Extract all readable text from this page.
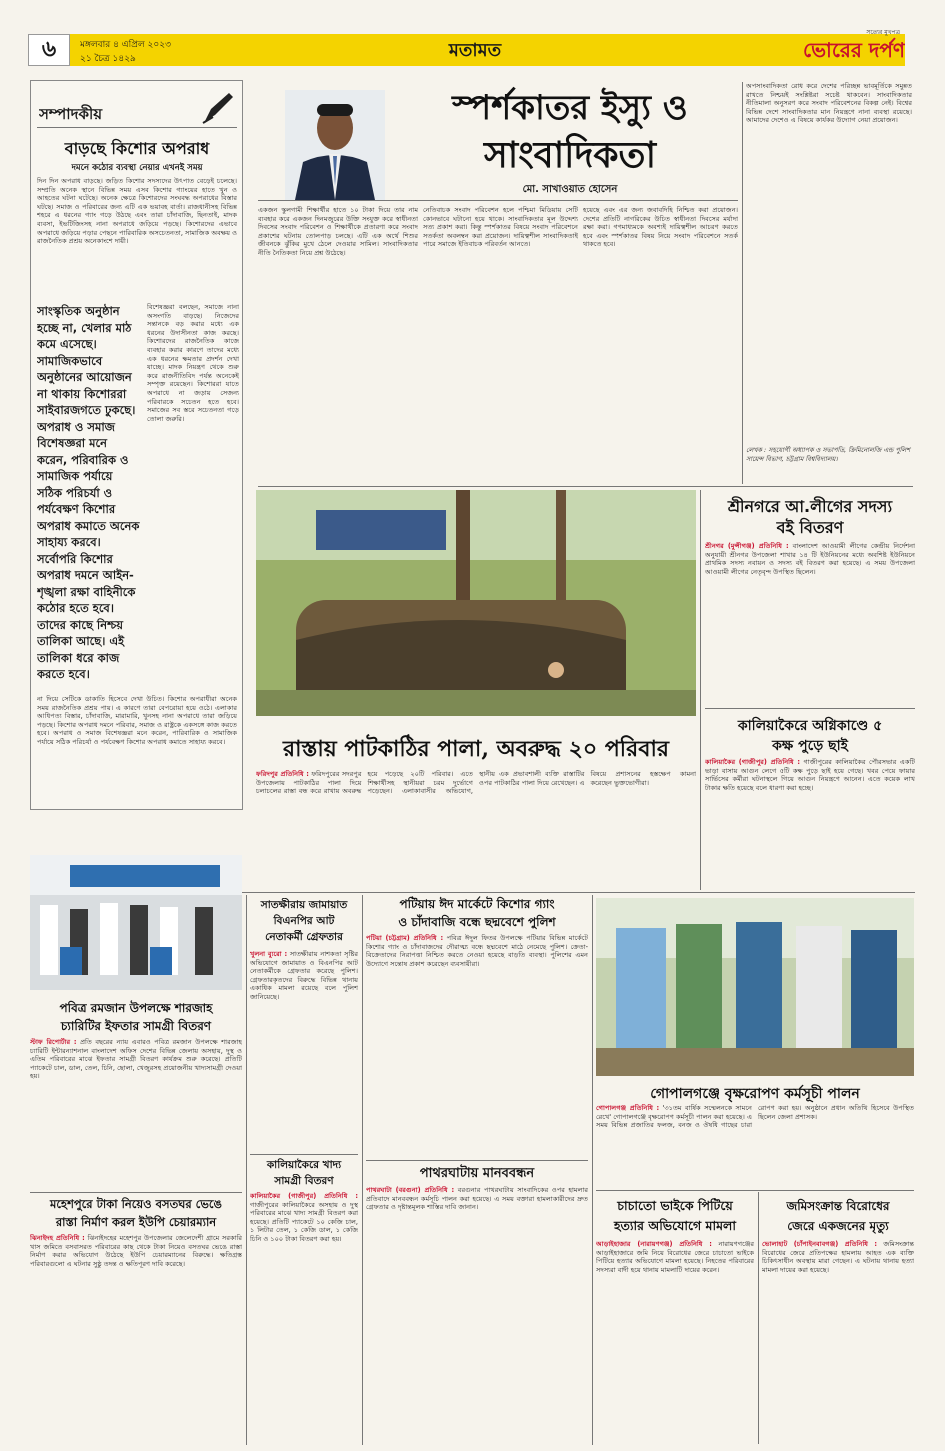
৬	মঙ্গলবার ৪ এপ্রিল ২০২৩
২১ চৈত্র ১৪২৯	মতামত
সত্যের মুখপত্র
ভোরের দর্পণ
সম্পাদকীয়
বাড়ছে কিশোর অপরাধ
দমনে কঠোর ব্যবস্থা নেয়ার এখনই সময়
দিন দিন অপরাধ বাড়ছে। জড়িত কিশোর সদস্যদের উৎপাত বেড়েই চলেছে। সম্প্রতি অনেক স্থানে বিভিন্ন সময় এসব কিশোর গ্যাংয়ের হাতে খুন ও আহতের ঘটনা ঘটেছে। অনেক ক্ষেত্রে কিশোরদের সংঘবদ্ধ অপরাধের বিস্তার ঘটছে। সমাজ ও পরিবারের জন্য এটি এক ভয়াবহ বার্তা। রাজধানীসহ বিভিন্ন শহরে এ ধরনের গ্যাং গড়ে উঠছে এবং তারা চাঁদাবাজি, ছিনতাই, মাদক ব্যবসা, ইভটিজিংসহ নানা অপরাধে জড়িয়ে পড়ছে। কিশোরদের এভাবে অপরাধে জড়িয়ে পড়ার পেছনে পারিবারিক অসচেতনতা, সামাজিক অবক্ষয় ও রাজনৈতিক প্রশ্রয় অনেকাংশে দায়ী।
সাংস্কৃতিক অনুষ্ঠান হচ্ছে না, খেলার মাঠ কমে এসেছে। সামাজিকভাবে অনুষ্ঠানের আয়োজন না থাকায় কিশোররা সাইবারজগতে ঢুকছে। অপরাধ ও সমাজ বিশেষজ্ঞরা মনে করেন, পরিবারিক ও সামাজিক পর্যায়ে সঠিক পরিচর্যা ও পর্যবেক্ষণ কিশোর অপরাধ কমাতে অনেক সাহায্য করবে। সর্বোপরি কিশোর অপরাধ দমনে আইন-শৃঙ্খলা রক্ষা বাহিনীকে কঠোর হতে হবে। তাদের কাছে নিশ্চয় তালিকা আছে। এই তালিকা ধরে কাজ করতে হবে।
বিশেষজ্ঞরা বলছেন, সমাজে নানা অসংগতি বাড়ছে। নিজেদের সন্তানকে বড় করার মধ্যে এক ধরনের উদাসীনতা কাজ করছে। কিশোরদের রাজনৈতিক কাজে ব্যবহার করার কারণে তাদের মধ্যে এক ধরনের ক্ষমতার প্রদর্শন দেখা যাচ্ছে। মাদক নিয়ন্ত্রণ থেকে শুরু করে রাজনীতিবিদ পর্যন্ত অনেকেই সম্পৃক্ত রয়েছেন। কিশোররা যাতে অপরাধে না জড়ায় সেজন্য পরিবারকে সচেতন হতে হবে। সমাজের সব স্তরে সচেতনতা গড়ে তোলা জরুরি।
না দিয়ে সেটিকে ডাকাতি হিসেবে দেখা উচিত। কিশোর অপরাধীরা অনেক সময় রাজনৈতিক প্রশ্রয় পায়। এ কারণে তারা বেপরোয়া হয়ে ওঠে। এলাকার আধিপত্য বিস্তার, চাঁদাবাজি, মারামারি, খুনসহ নানা অপরাধে তারা জড়িয়ে পড়ছে। কিশোর অপরাধ দমনে পরিবার, সমাজ ও রাষ্ট্রকে একসঙ্গে কাজ করতে হবে। অপরাধ ও সমাজ বিশেষজ্ঞরা মনে করেন, পারিবারিক ও সামাজিক পর্যায়ে সঠিক পরিচর্যা ও পর্যবেক্ষণ কিশোর অপরাধ কমাতে সাহায্য করবে।
স্পর্শকাতর ইস্যু ও
সাংবাদিকতা
মো. সাখাওয়াত হোসেন
একজন স্কুলগামী শিক্ষার্থীর হাতে ১০ টাকা দিয়ে তার নাম ব্যবহার করে একজন দিনমজুরের উক্তি সংযুক্ত করে স্বাধীনতা দিবসের সংবাদ পরিবেশন ও শিক্ষার্থীকে প্রতারণা করে সংবাদ প্রকাশের ঘটনায় তোলপাড় চলছে। এটি এক অর্থে শিশুর জীবনকে ঝুঁকির মুখে ঠেলে দেওয়ার সামিল। সাংবাদিকতার নীতি নৈতিকতা নিয়ে প্রশ্ন উঠেছে।
নেতিবাচক সংবাদ পরিবেশন হলে পশ্চিমা মিডিয়ায় সেটি কোনভাবে ঘটানো হয়ে থাকে। সাংবাদিকতার মূল উদ্দেশ্য সত্য প্রকাশ করা। কিন্তু স্পর্শকাতর বিষয়ে সংবাদ পরিবেশনে সতর্কতা অবলম্বন করা প্রয়োজন। দায়িত্বশীল সাংবাদিকতাই পারে সমাজে ইতিবাচক পরিবর্তন আনতে।
হয়েছে এবং এর জন্য জবাবদিহি নিশ্চিত করা প্রয়োজন। দেশের প্রতিটি নাগরিকের উচিত স্বাধীনতা দিবসের মর্যাদা রক্ষা করা। গণমাধ্যমকে অবশ্যই দায়িত্বশীল আচরণ করতে হবে এবং স্পর্শকাতর বিষয় নিয়ে সংবাদ পরিবেশনে সতর্ক থাকতে হবে।
অপসাংবাদিকতা রোধ করে দেশের পরিচ্ছন্ন ভাবমূর্তিকে সমুন্নত রাখতে নিশ্চয়ই সংশ্লিষ্টরা সচেষ্ট থাকবেন। সাংবাদিকতার নীতিমালা অনুসরণ করে সংবাদ পরিবেশনের বিকল্প নেই। বিশ্বের বিভিন্ন দেশে সাংবাদিকতার মান নিয়ন্ত্রণে নানা ব্যবস্থা রয়েছে। আমাদের দেশেও এ বিষয়ে কার্যকর উদ্যোগ নেয়া প্রয়োজন।
লেখক : সহযোগী অধ্যাপক ও সভাপতি, ক্রিমিনোলজি এন্ড পুলিশ সায়েন্স বিভাগ, চট্টগ্রাম বিশ্ববিদ্যালয়।
রাস্তায় পাটকাঠির পালা, অবরুদ্ধ ২০ পরিবার
ফরিদপুর প্রতিনিধি : ফরিদপুরের সদরপুর উপজেলায় পাটকাঠির পালা দিয়ে চলাচলের রাস্তা বন্ধ করে রাখায় অবরুদ্ধ হয়ে পড়েছে ২০টি পরিবার। এতে শিক্ষার্থীসহ স্থানীয়রা চরম দুর্ভোগে পড়েছেন। এলাকাবাসীর অভিযোগ, স্থানীয় এক প্রভাবশালী ব্যক্তি রাস্তাটির ওপর পাটকাঠির পালা দিয়ে রেখেছেন। এ বিষয়ে প্রশাসনের হস্তক্ষেপ কামনা করেছেন ভুক্তভোগীরা।
শ্রীনগরে আ.লীগের সদস্য
বই বিতরণ
শ্রীনগর (মুন্সীগঞ্জ) প্রতিনিধি : বাংলাদেশ আওয়ামী লীগের কেন্দ্রীয় নির্দেশনা অনুযায়ী শ্রীনগর উপজেলা শাখার ১৪ টি ইউনিয়নের মধ্যে অবশিষ্ট ইউনিয়নে প্রাথমিক সদস্য নবায়ন ও সদস্য বই বিতরণ করা হয়েছে। এ সময় উপজেলা আওয়ামী লীগের নেতৃবৃন্দ উপস্থিত ছিলেন।
কালিয়াকৈরে অগ্নিকাণ্ডে ৫
কক্ষ পুড়ে ছাই
কালিয়াকৈর (গাজীপুর) প্রতিনিধি : গাজীপুরের কালিয়াকৈর পৌরসভার একটি ভাড়া বাসায় আগুন লেগে ৫টি কক্ষ পুড়ে ছাই হয়ে গেছে। খবর পেয়ে ফায়ার সার্ভিসের কর্মীরা ঘটনাস্থলে গিয়ে আগুন নিয়ন্ত্রণে আনেন। এতে কয়েক লাখ টাকার ক্ষতি হয়েছে বলে ধারণা করা হচ্ছে।
পবিত্র রমজান উপলক্ষে শারজাহ
চ্যারিটির ইফতার সামগ্রী বিতরণ
স্টাফ রিপোর্টার : প্রতি বছরের ন্যায় এবারও পবিত্র রমজান উপলক্ষে শারজাহ চ্যারিটি ইন্টারন্যাশনাল বাংলাদেশ অফিস দেশের বিভিন্ন জেলায় অসহায়, দুস্থ ও এতিম পরিবারের মাঝে ইফতার সামগ্রী বিতরণ কার্যক্রম শুরু করেছে। প্রতিটি প্যাকেটে চাল, ডাল, তেল, চিনি, ছোলা, খেজুরসহ প্রয়োজনীয় খাদ্যসামগ্রী দেওয়া হয়।
মহেশপুরে টাকা নিয়েও বসতঘর ভেঙে
রাস্তা নির্মাণ করল ইউপি চেয়ারম্যান
ঝিনাইদহ প্রতিনিধি : ঝিনাইদহের মহেশপুর উপজেলার জেলেদেশী গ্রামে সরকারি খাস জমিতে বসবাসরত পরিবারের কাছ থেকে টাকা নিয়েও বসতঘর ভেঙে রাস্তা নির্মাণ করার অভিযোগ উঠেছে ইউপি চেয়ারম্যানের বিরুদ্ধে। ক্ষতিগ্রস্ত পরিবারগুলো এ ঘটনার সুষ্ঠু তদন্ত ও ক্ষতিপূরণ দাবি করেছে।
সাতক্ষীরায় জামায়াত
বিএনপির আট
নেতাকর্মী গ্রেফতার
খুলনা ব্যুরো : সাতক্ষীরায় নাশকতা সৃষ্টির অভিযোগে জামায়াত ও বিএনপির আট নেতাকর্মীকে গ্রেফতার করেছে পুলিশ। গ্রেফতারকৃতদের বিরুদ্ধে বিভিন্ন থানায় একাধিক মামলা রয়েছে বলে পুলিশ জানিয়েছে।
কালিয়াকৈরে খাদ্য
সামগ্রী বিতরণ
কালিয়াকৈর (গাজীপুর) প্রতিনিধি : গাজীপুরের কালিয়াকৈরে অসহায় ও দুস্থ পরিবারের মাঝে খাদ্য সামগ্রী বিতরণ করা হয়েছে। প্রতিটি প্যাকেটে ১০ কেজি চাল, ১ লিটার তেল, ১ কেজি ডাল, ১ কেজি চিনি ও ১০০ টাকা বিতরণ করা হয়।
পটিয়ায় ঈদ মার্কেটে কিশোর গ্যাং
ও চাঁদাবাজি বন্ধে ছদ্মবেশে পুলিশ
পটিয়া (চট্টগ্রাম) প্রতিনিধি : পবিত্র ঈদুল ফিতর উপলক্ষে পটিয়ার বিভিন্ন মার্কেটে কিশোর গ্যাং ও চাঁদাবাজদের দৌরাত্ম্য বন্ধে ছদ্মবেশে মাঠে নেমেছে পুলিশ। ক্রেতা-বিক্রেতাদের নিরাপত্তা নিশ্চিত করতে নেওয়া হয়েছে বাড়তি ব্যবস্থা। পুলিশের এমন উদ্যোগে সন্তোষ প্রকাশ করেছেন ব্যবসায়ীরা।
পাথরঘাটায় মানববন্ধন
পাথরঘাটা (বরগুনা) প্রতিনিধি : বরগুনার পাথরঘাটায় সাংবাদিকের ওপর হামলার প্রতিবাদে মানববন্ধন কর্মসূচি পালন করা হয়েছে। এ সময় বক্তারা হামলাকারীদের দ্রুত গ্রেফতার ও দৃষ্টান্তমূলক শাস্তির দাবি জানান।
গোপালগঞ্জে বৃক্ষরোপণ কর্মসূচী পালন
গোপালগঞ্জ প্রতিনিধি : '৩১তম বার্ষিক সম্মেলনকে সামনে রেখে' গোপালগঞ্জে বৃক্ষরোপণ কর্মসূচী পালন করা হয়েছে। এ সময় বিভিন্ন প্রজাতির ফলজ, বনজ ও ঔষধি গাছের চারা রোপণ করা হয়। অনুষ্ঠানে প্রধান অতিথি হিসেবে উপস্থিত ছিলেন জেলা প্রশাসক।
চাচাতো ভাইকে পিটিয়ে
হত্যার অভিযোগে মামলা
আড়াইহাজার (নারায়ণগঞ্জ) প্রতিনিধি : নারায়ণগঞ্জের আড়াইহাজারে জমি নিয়ে বিরোধের জেরে চাচাতো ভাইকে পিটিয়ে হত্যার অভিযোগে মামলা হয়েছে। নিহতের পরিবারের সদস্যরা বাদী হয়ে থানায় মামলাটি দায়ের করেন।
জমিসংক্রান্ত বিরোধের
জেরে একজনের মৃত্যু
ভোলাহাট (চাঁপাইনবাবগঞ্জ) প্রতিনিধি : জমিসংক্রান্ত বিরোধের জেরে প্রতিপক্ষের হামলায় আহত এক ব্যক্তি চিকিৎসাধীন অবস্থায় মারা গেছেন। এ ঘটনায় থানায় হত্যা মামলা দায়ের করা হয়েছে।
